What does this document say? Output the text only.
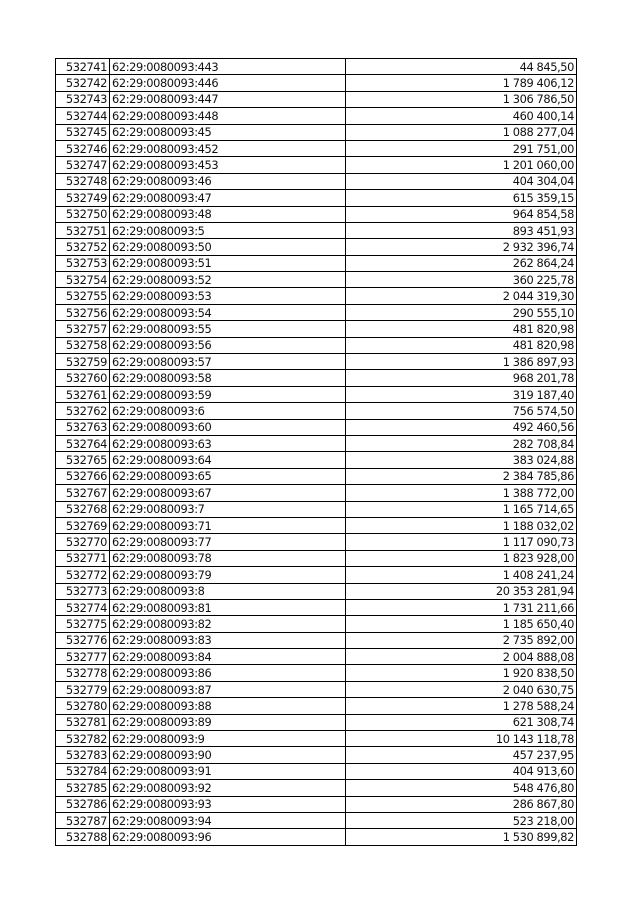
532741	62:29:0080093:443	44 845,50
532742	62:29:0080093:446	1 789 406,12
532743	62:29:0080093:447	1 306 786,50
532744	62:29:0080093:448	460 400,14
532745	62:29:0080093:45	1 088 277,04
532746	62:29:0080093:452	291 751,00
532747	62:29:0080093:453	1 201 060,00
532748	62:29:0080093:46	404 304,04
532749	62:29:0080093:47	615 359,15
532750	62:29:0080093:48	964 854,58
532751	62:29:0080093:5	893 451,93
532752	62:29:0080093:50	2 932 396,74
532753	62:29:0080093:51	262 864,24
532754	62:29:0080093:52	360 225,78
532755	62:29:0080093:53	2 044 319,30
532756	62:29:0080093:54	290 555,10
532757	62:29:0080093:55	481 820,98
532758	62:29:0080093:56	481 820,98
532759	62:29:0080093:57	1 386 897,93
532760	62:29:0080093:58	968 201,78
532761	62:29:0080093:59	319 187,40
532762	62:29:0080093:6	756 574,50
532763	62:29:0080093:60	492 460,56
532764	62:29:0080093:63	282 708,84
532765	62:29:0080093:64	383 024,88
532766	62:29:0080093:65	2 384 785,86
532767	62:29:0080093:67	1 388 772,00
532768	62:29:0080093:7	1 165 714,65
532769	62:29:0080093:71	1 188 032,02
532770	62:29:0080093:77	1 117 090,73
532771	62:29:0080093:78	1 823 928,00
532772	62:29:0080093:79	1 408 241,24
532773	62:29:0080093:8	20 353 281,94
532774	62:29:0080093:81	1 731 211,66
532775	62:29:0080093:82	1 185 650,40
532776	62:29:0080093:83	2 735 892,00
532777	62:29:0080093:84	2 004 888,08
532778	62:29:0080093:86	1 920 838,50
532779	62:29:0080093:87	2 040 630,75
532780	62:29:0080093:88	1 278 588,24
532781	62:29:0080093:89	621 308,74
532782	62:29:0080093:9	10 143 118,78
532783	62:29:0080093:90	457 237,95
532784	62:29:0080093:91	404 913,60
532785	62:29:0080093:92	548 476,80
532786	62:29:0080093:93	286 867,80
532787	62:29:0080093:94	523 218,00
532788	62:29:0080093:96	1 530 899,82
